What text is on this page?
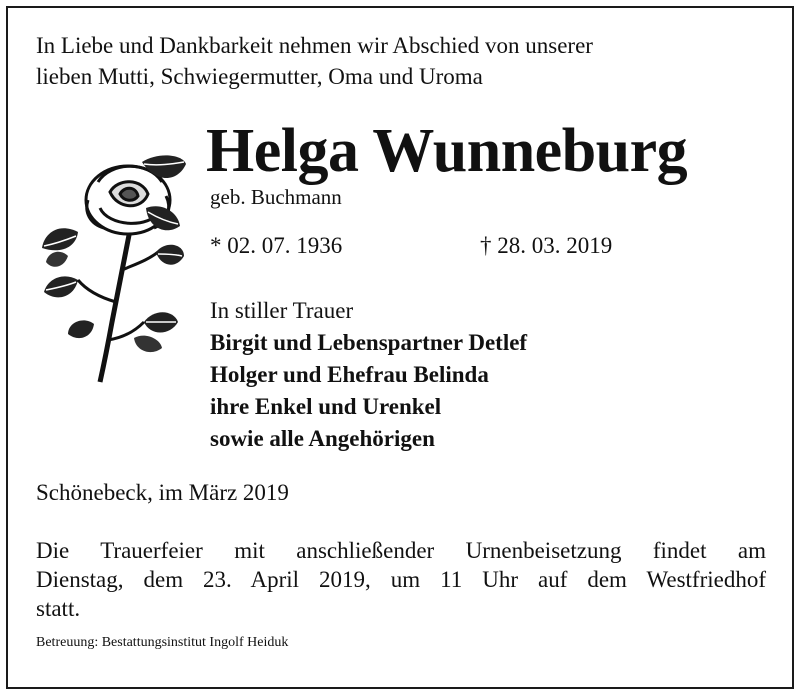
In Liebe und Dankbarkeit nehmen wir Abschied von unserer
lieben Mutti, Schwiegermutter, Oma und Uroma

Helga Wunneburg

geb. Buchmann

* 02. 07. 1936	† 28. 03. 2019

In stiller Trauer

Birgit und Lebenspartner Detlef
Holger und Ehefrau Belinda
ihre Enkel und Urenkel
sowie alle Angehörigen

Schönebeck, im März 2019

Die Trauerfeier mit anschließender Urnenbeisetzung findet am
Dienstag, dem 23. April 2019, um 11 Uhr auf dem Westfriedhof
statt.

Betreuung: Bestattungsinstitut Ingolf Heiduk
